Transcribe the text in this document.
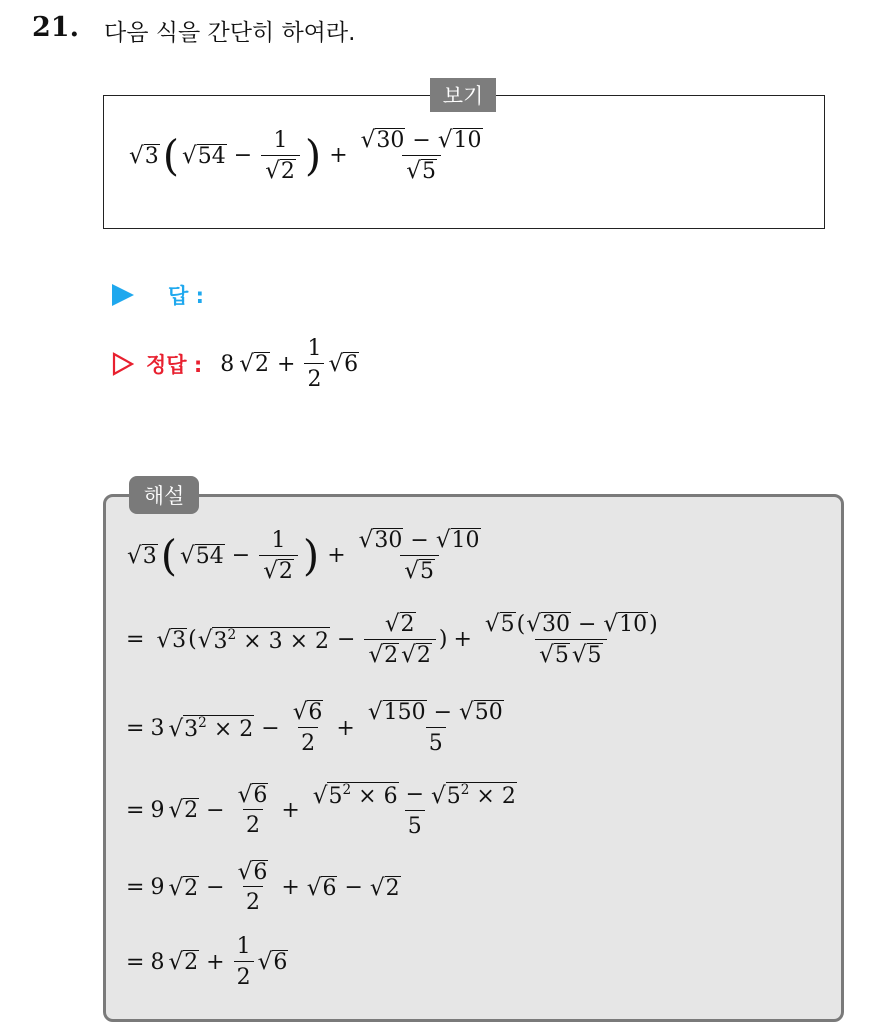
21. 다음 식을 간단히 하여라.
보기
√ 3 ( √ $54 - \frac{1}{√ 2}$ ) + $\frac{√ 30 - √ 10}{√ 5}$
답 :
정답 : 8 √ $2 + \frac{1}{2}$ √ 6
해설
√ 3 ( √ $54 - \frac{1}{√ 2}$ ) + $\frac{√ 30 - √ 10}{√ 5}$
= √ 3 ( √ $3^2 \times 3 \times 2 - \frac{√ 2}{√ 2 √ 2}$ ) + $\frac{√ 5 ( √ 30 - √ 10 )}{√ 5 √ 5}$
= 3 √ $3^2 \times 2 - \frac{√ 6}{2} + \frac{√ 150 - √ 50}{5}$
= 9 √ $2 - \frac{√ 6}{2} + \frac{√ 5^2 \times 6 - √ 5^2 \times 2}{5}$
= 9 √ $2 - \frac{√ 6}{2}$ + √ 6 − √ 2
= 8 √ $2 + \frac{1}{2}$ √ 6
